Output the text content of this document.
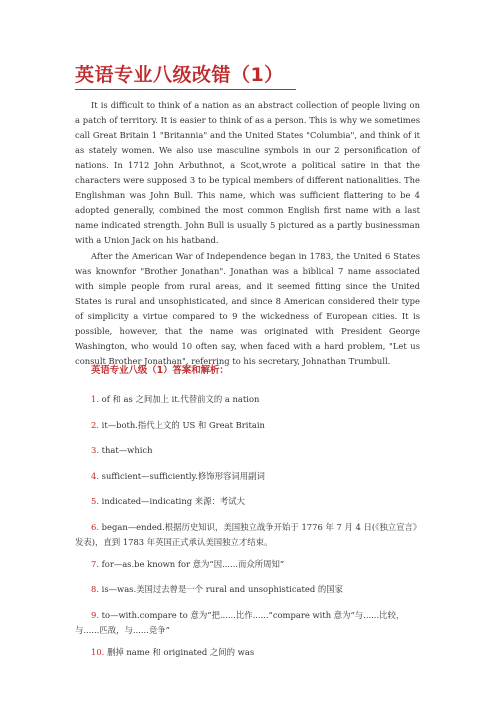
英语专业八级改错（1）

It is difficult to think of a nation as an abstract collection of people living on a patch of territory. It is easier to think of as a person. This is why we sometimes call Great Britain 1 "Britannia" and the United States "Columbia", and think of it as stately women. We also use masculine symbols in our 2 personification of nations. In 1712 John Arbuthnot, a Scot,wrote a political satire in that the characters were supposed 3 to be typical members of different nationalities. The Englishman was John Bull. This name, which was sufficient flattering to be 4 adopted generally, combined the most common English first name with a last name indicated strength. John Bull is usually 5 pictured as a partly businessman with a Union Jack on his hatband.

After the American War of Independence began in 1783, the United 6 States was knownfor "Brother Jonathan". Jonathan was a biblical 7 name associated with simple people from rural areas, and it seemed fitting since the United States is rural and unsophisticated, and since 8 American considered their type of simplicity a virtue compared to 9 the wickedness of European cities. It is possible, however, that the name was originated with President George Washington, who would 10 often say, when faced with a hard problem, "Let us consult Brother Jonathan", referring to his secretary, Johnathan Trumbull.

英语专业八级（1）答案和解析：
1. of 和 as 之间加上 it.代替前文的 a nation
2. it—both.指代上文的 US 和 Great Britain
3. that—which
4. sufficient—sufficiently.修饰形容词用副词
5. indicated—indicating 来源：考试大
6. began—ended.根据历史知识，美国独立战争开始于 1776 年 7 月 4 日(《独立宣言》发表)，直到 1783 年英国正式承认美国独立才结束。
7. for—as.be known for 意为“因......而众所周知”
8. is—was.美国过去曾是一个 rural and unsophisticated 的国家
9. to—with.compare to 意为“把......比作......”compare with 意为“与......比较，与......匹敌，与......竞争”
10. 删掉 name 和 originated 之间的 was
